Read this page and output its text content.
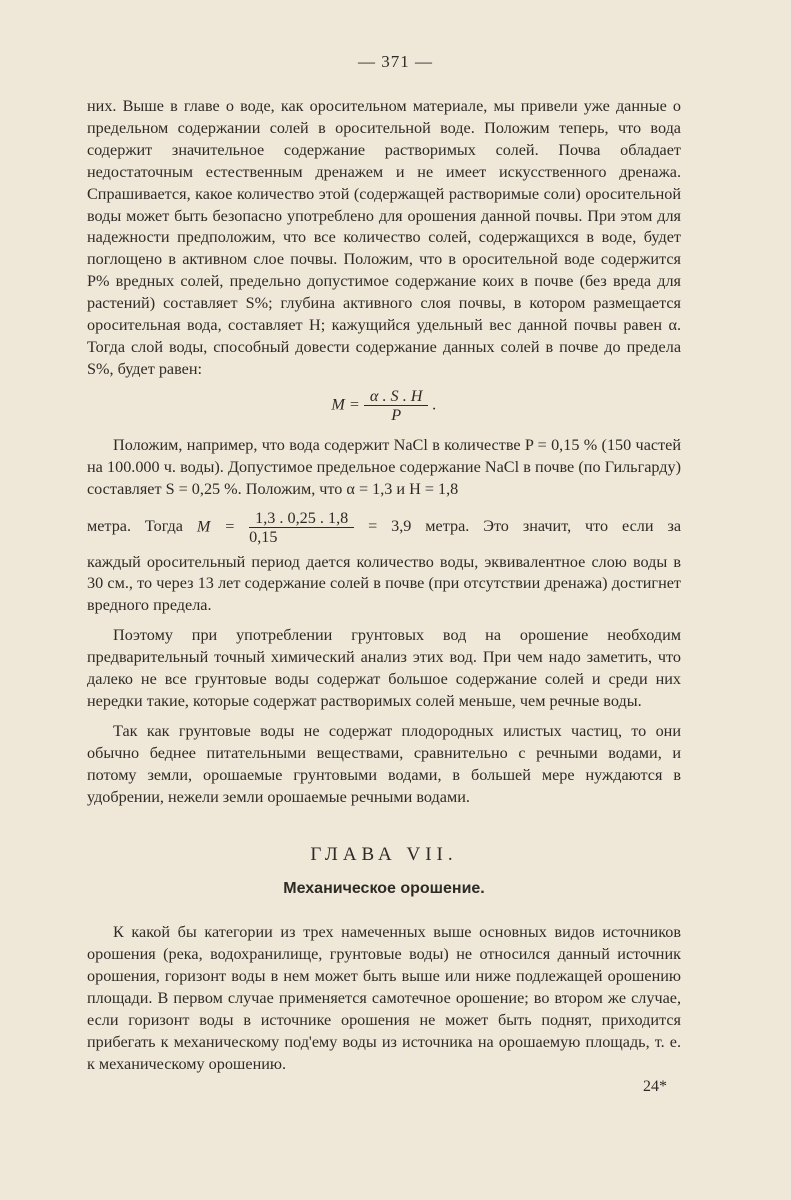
— 371 —

них. Выше в главе о воде, как оросительном материале, мы привели уже данные о предельном содержании солей в оросительной воде. Положим теперь, что вода содержит значительное содержание растворимых солей. Почва обладает недостаточным естественным дренажем и не имеет искусственного дренажа. Спрашивается, какое количество этой (содержащей растворимые соли) оросительной воды может быть безопасно употреблено для орошения данной почвы. При этом для надежности предположим, что все количество солей, содержащихся в воде, будет поглощено в активном слое почвы. Положим, что в оросительной воде содержится P% вредных солей, предельно допустимое содержание коих в почве (без вреда для растений) составляет S%; глубина активного слоя почвы, в котором размещается оросительная вода, составляет H; кажущийся удельный вес данной почвы равен α. Тогда слой воды, способный довести содержание данных солей в почве до предела S%, будет равен:

$M = \frac{\alpha . S . H}{P}$ .

Положим, например, что вода содержит NaCl в количестве P = 0,15 % (150 частей на 100.000 ч. воды). Допустимое предельное содержание NaCl в почве (по Гильгарду) составляет S = 0,25 %. Положим, что α = 1,3 и H = 1,8

метра. Тогда $M = \frac{1,3 . 0,25 . 1,8}{0,15} = 3,9$ метра. Это значит, что если за

каждый оросительный период дается количество воды, эквивалентное слою воды в 30 см., то через 13 лет содержание солей в почве (при отсутствии дренажа) достигнет вредного предела.

Поэтому при употреблении грунтовых вод на орошение необходим предварительный точный химический анализ этих вод. При чем надо заметить, что далеко не все грунтовые воды содержат большое содержание солей и среди них нередки такие, которые содержат растворимых солей меньше, чем речные воды.

Так как грунтовые воды не содержат плодородных илистых частиц, то они обычно беднее питательными веществами, сравнительно с речными водами, и потому земли, орошаемые грунтовыми водами, в большей мере нуждаются в удобрении, нежели земли орошаемые речными водами.

ГЛАВА VII.
Механическое орошение.

К какой бы категории из трех намеченных выше основных видов источников орошения (река, водохранилище, грунтовые воды) не относился данный источник орошения, горизонт воды в нем может быть выше или ниже подлежащей орошению площади. В первом случае применяется самотечное орошение; во втором же случае, если горизонт воды в источнике орошения не может быть поднят, приходится прибегать к механическому под'ему воды из источника на орошаемую площадь, т. е. к механическому орошению.

24*
